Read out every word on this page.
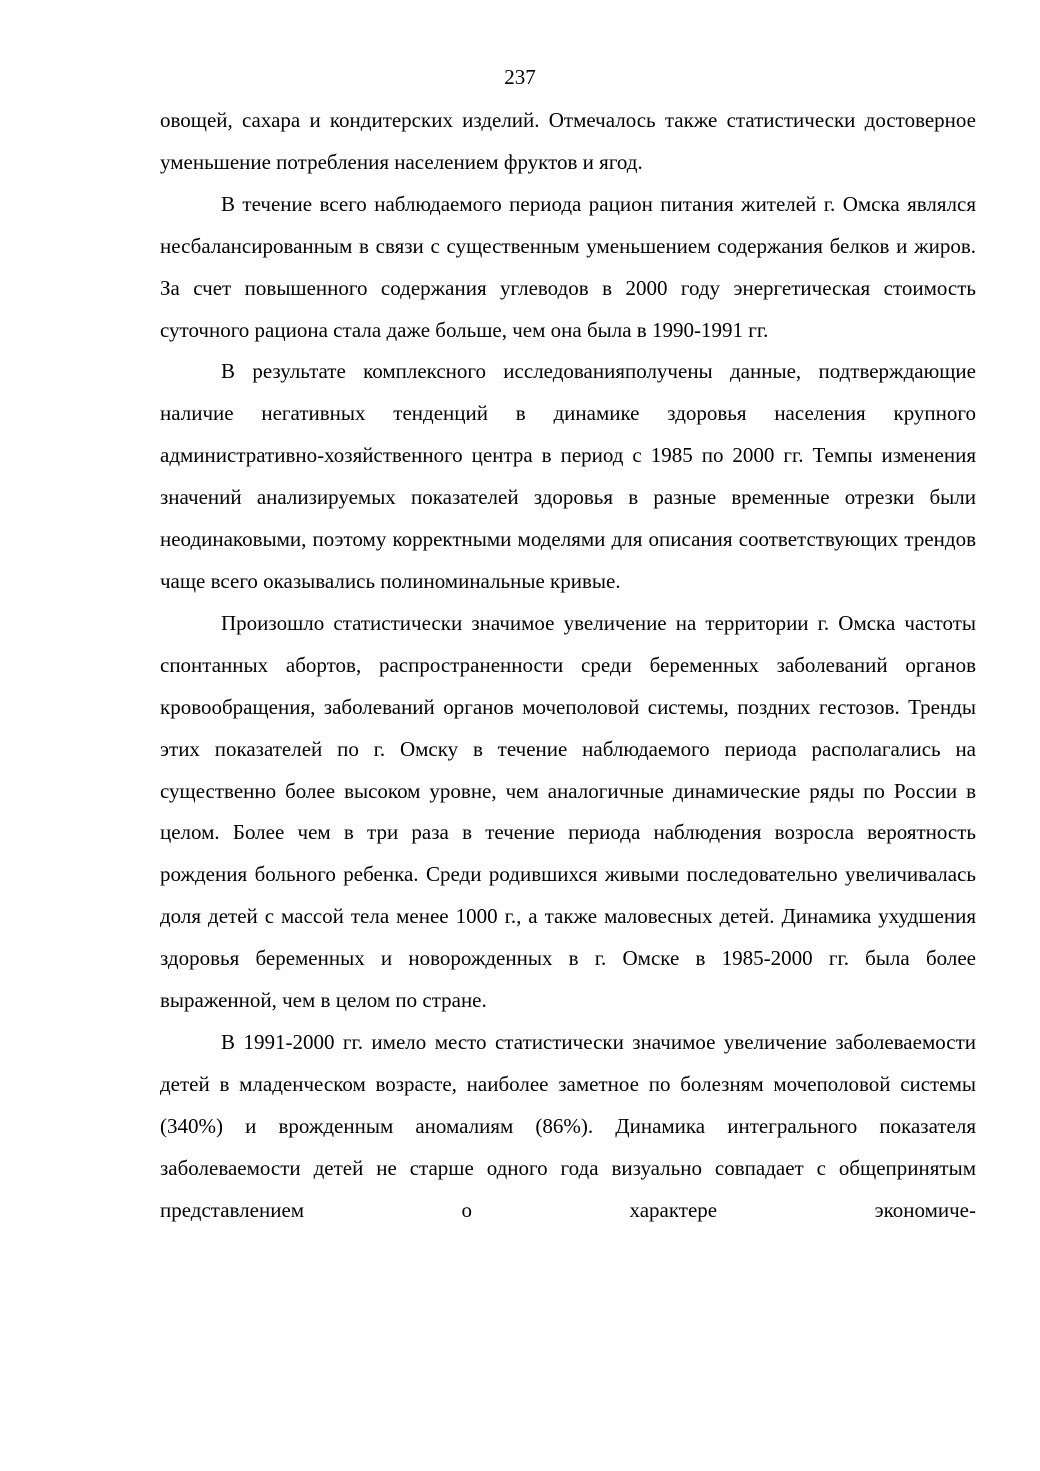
237

овощей, сахара и кондитерских изделий. Отмечалось также статистически достоверное уменьшение потребления населением фруктов и ягод.

В течение всего наблюдаемого периода рацион питания жителей г. Омска являлся несбалансированным в связи с существенным уменьшением содержания белков и жиров. За счет повышенного содержания углеводов в 2000 году энергетическая стоимость суточного рациона стала даже больше, чем она была в 1990-1991 гг.

В результате комплексного исследованияполучены данные, подтверждающие наличие негативных тенденций в динамике здоровья населения крупного административно-хозяйственного центра в период с 1985 по 2000 гг. Темпы изменения значений анализируемых показателей здоровья в разные временные отрезки были неодинаковыми, поэтому корректными моделями для описания соответствующих трендов чаще всего оказывались полиноминальные кривые.

Произошло статистически значимое увеличение на территории г. Омска частоты спонтанных абортов, распространенности среди беременных заболеваний органов кровообращения, заболеваний органов мочеполовой системы, поздних гестозов. Тренды этих показателей по г. Омску в течение наблюдаемого периода располагались на существенно более высоком уровне, чем аналогичные динамические ряды по России в целом. Более чем в три раза в течение периода наблюдения возросла вероятность рождения больного ребенка. Среди родившихся живыми последовательно увеличивалась доля детей с массой тела менее 1000 г., а также маловесных детей. Динамика ухудшения здоровья беременных и новорожденных в г. Омске в 1985-2000 гг. была более выраженной, чем в целом по стране.

В 1991-2000 гг. имело место статистически значимое увеличение заболеваемости детей в младенческом возрасте, наиболее заметное по болезням мочеполовой системы (340%) и врожденным аномалиям (86%). Динамика интегрального показателя заболеваемости детей не старше одного года визуально совпадает с общепринятым представлением о характере экономиче-
